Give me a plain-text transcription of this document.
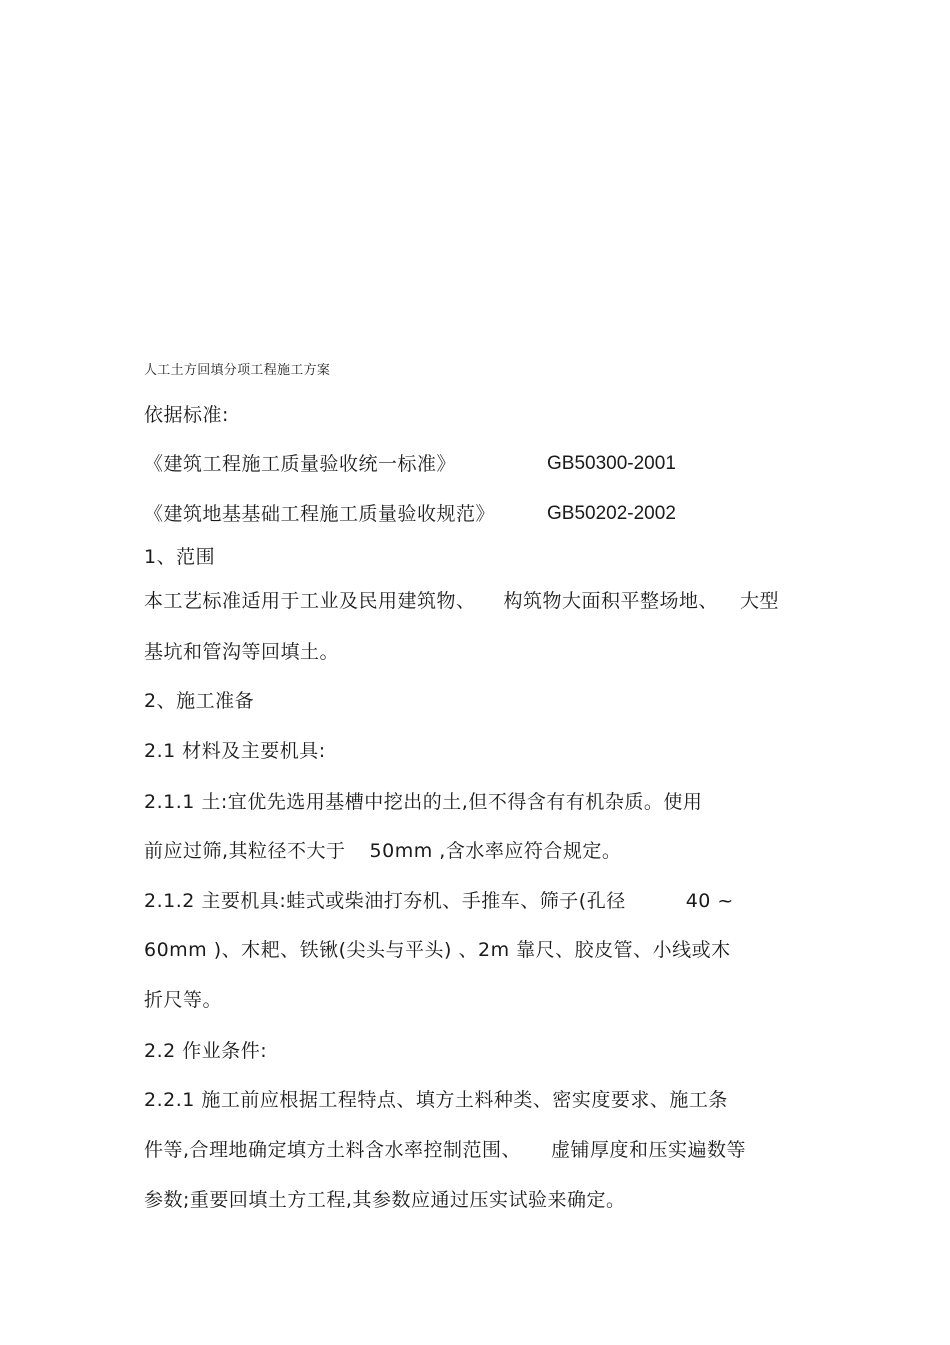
人工土方回填分项工程施工方案
依据标准:
《建筑工程施工质量验收统一标准》	GB50300-2001
《建筑地基基础工程施工质量验收规范》	GB50202-2002
1、范围
本工艺标准适用于工业及民用建筑物、 构筑物大面积平整场地、 大型
基坑和管沟等回填土。
2、施工准备
2.1 材料及主要机具:
2.1.1 土:宜优先选用基槽中挖出的土,但不得含有有机杂质。使用
前应过筛,其粒径不大于 50mm ,含水率应符合规定。
2.1.2 主要机具:蛙式或柴油打夯机、手推车、筛子(孔径	40 ~
60mm )、木耙、铁锹(尖头与平头) 、2m 靠尺、胶皮管、小线或木
折尺等。
2.2 作业条件:
2.2.1 施工前应根据工程特点、填方土料种类、密实度要求、施工条
件等,合理地确定填方土料含水率控制范围、 虚铺厚度和压实遍数等
参数;重要回填土方工程,其参数应通过压实试验来确定。
